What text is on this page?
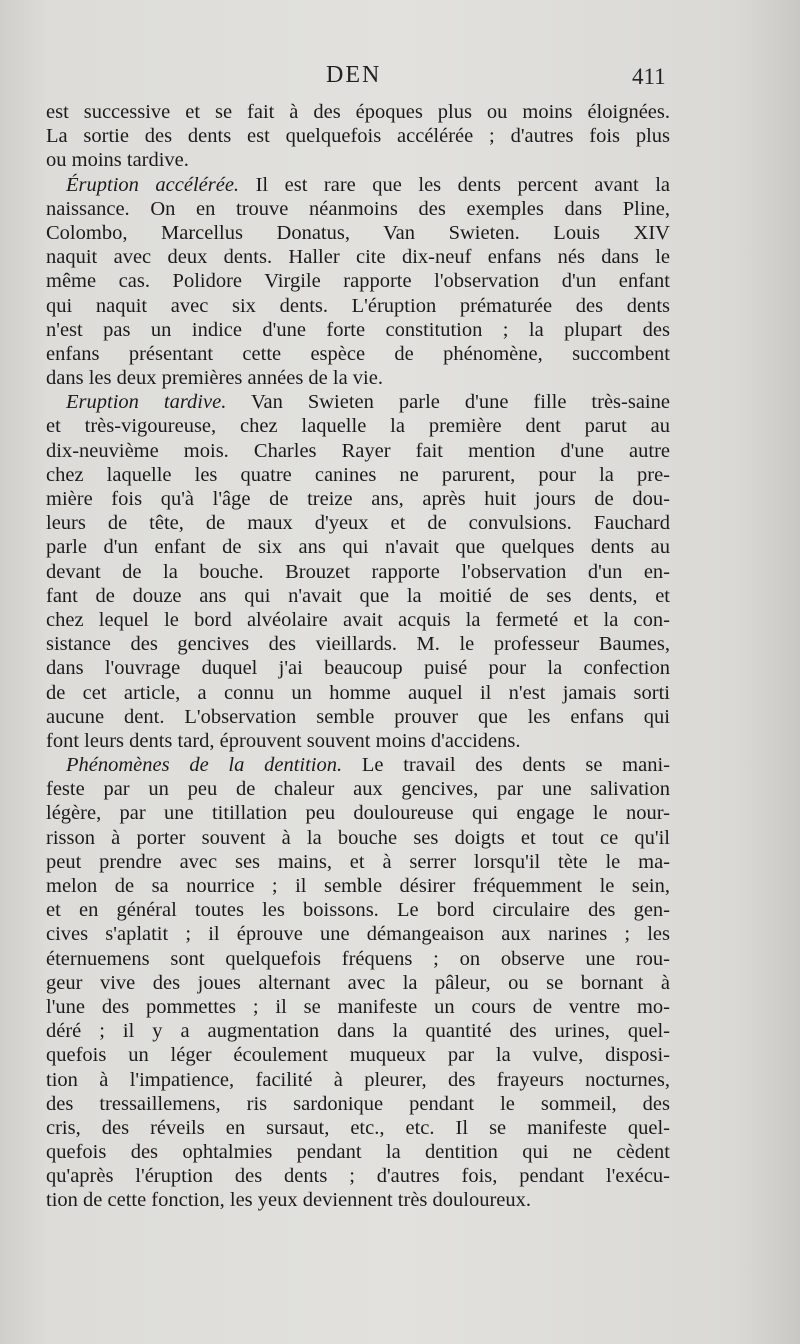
DEN	411
est successive et se fait à des époques plus ou moins éloignées.
La sortie des dents est quelquefois accélérée ; d'autres fois plus
ou moins tardive.
Éruption accélérée. Il est rare que les dents percent avant la
naissance. On en trouve néanmoins des exemples dans Pline,
Colombo, Marcellus Donatus, Van Swieten. Louis XIV
naquit avec deux dents. Haller cite dix-neuf enfans nés dans le
même cas. Polidore Virgile rapporte l'observation d'un enfant
qui naquit avec six dents. L'éruption prématurée des dents
n'est pas un indice d'une forte constitution ; la plupart des
enfans présentant cette espèce de phénomène, succombent
dans les deux premières années de la vie.
Eruption tardive. Van Swieten parle d'une fille très-saine
et très-vigoureuse, chez laquelle la première dent parut au
dix-neuvième mois. Charles Rayer fait mention d'une autre
chez laquelle les quatre canines ne parurent, pour la pre-
mière fois qu'à l'âge de treize ans, après huit jours de dou-
leurs de tête, de maux d'yeux et de convulsions. Fauchard
parle d'un enfant de six ans qui n'avait que quelques dents au
devant de la bouche. Brouzet rapporte l'observation d'un en-
fant de douze ans qui n'avait que la moitié de ses dents, et
chez lequel le bord alvéolaire avait acquis la fermeté et la con-
sistance des gencives des vieillards. M. le professeur Baumes,
dans l'ouvrage duquel j'ai beaucoup puisé pour la confection
de cet article, a connu un homme auquel il n'est jamais sorti
aucune dent. L'observation semble prouver que les enfans qui
font leurs dents tard, éprouvent souvent moins d'accidens.
Phénomènes de la dentition. Le travail des dents se mani-
feste par un peu de chaleur aux gencives, par une salivation
légère, par une titillation peu douloureuse qui engage le nour-
risson à porter souvent à la bouche ses doigts et tout ce qu'il
peut prendre avec ses mains, et à serrer lorsqu'il tète le ma-
melon de sa nourrice ; il semble désirer fréquemment le sein,
et en général toutes les boissons. Le bord circulaire des gen-
cives s'aplatit ; il éprouve une démangeaison aux narines ; les
éternuemens sont quelquefois fréquens ; on observe une rou-
geur vive des joues alternant avec la pâleur, ou se bornant à
l'une des pommettes ; il se manifeste un cours de ventre mo-
déré ; il y a augmentation dans la quantité des urines, quel-
quefois un léger écoulement muqueux par la vulve, disposi-
tion à l'impatience, facilité à pleurer, des frayeurs nocturnes,
des tressaillemens, ris sardonique pendant le sommeil, des
cris, des réveils en sursaut, etc., etc. Il se manifeste quel-
quefois des ophtalmies pendant la dentition qui ne cèdent
qu'après l'éruption des dents ; d'autres fois, pendant l'exécu-
tion de cette fonction, les yeux deviennent très douloureux.
